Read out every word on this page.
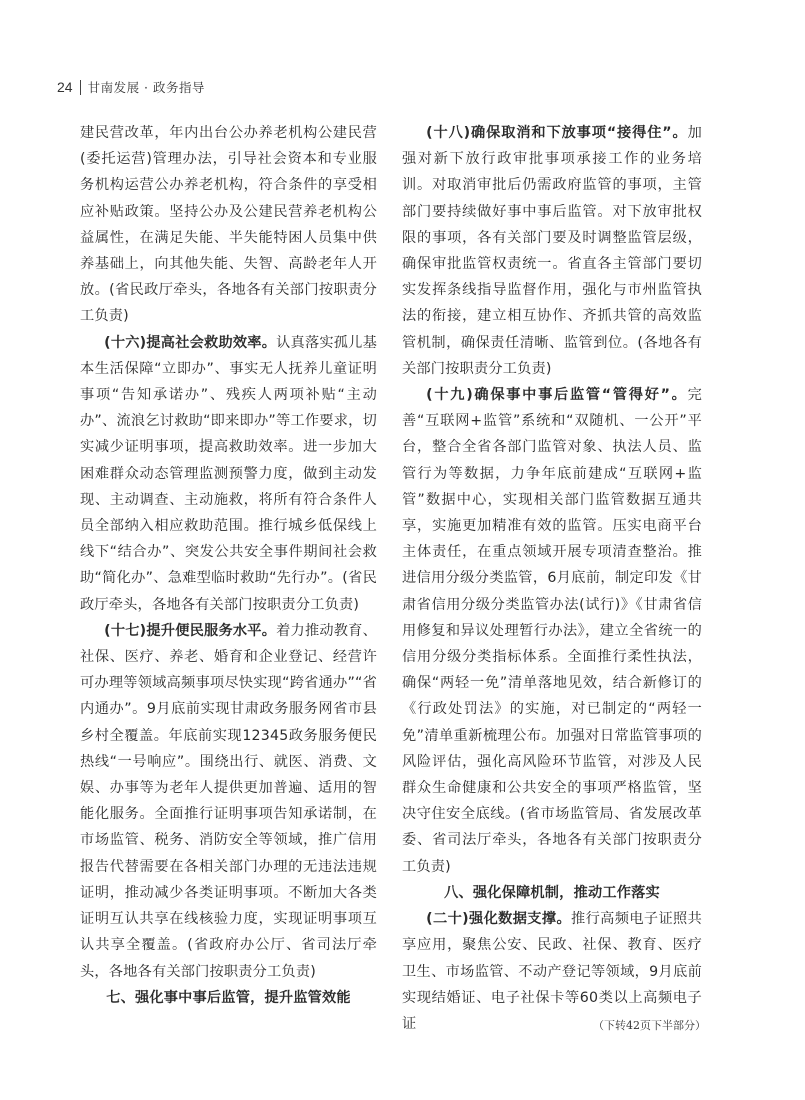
24 甘南发展 · 政务指导

建民营改革，年内出台公办养老机构公建民营(委托运营)管理办法，引导社会资本和专业服务机构运营公办养老机构，符合条件的享受相应补贴政策。坚持公办及公建民营养老机构公益属性，在满足失能、半失能特困人员集中供养基础上，向其他失能、失智、高龄老年人开放。(省民政厅牵头，各地各有关部门按职责分工负责)

(十六)提高社会救助效率。认真落实孤儿基本生活保障“立即办”、事实无人抚养儿童证明事项“告知承诺办”、残疾人两项补贴“主动办”、流浪乞讨救助“即来即办”等工作要求，切实减少证明事项，提高救助效率。进一步加大困难群众动态管理监测预警力度，做到主动发现、主动调查、主动施救，将所有符合条件人员全部纳入相应救助范围。推行城乡低保线上线下“结合办”、突发公共安全事件期间社会救助“简化办”、急难型临时救助“先行办”。(省民政厅牵头，各地各有关部门按职责分工负责)

(十七)提升便民服务水平。着力推动教育、社保、医疗、养老、婚育和企业登记、经营许可办理等领域高频事项尽快实现“跨省通办”“省内通办”。9月底前实现甘肃政务服务网省市县乡村全覆盖。年底前实现12345政务服务便民热线“一号响应”。围绕出行、就医、消费、文娱、办事等为老年人提供更加普遍、适用的智能化服务。全面推行证明事项告知承诺制，在市场监管、税务、消防安全等领域，推广信用报告代替需要在各相关部门办理的无违法违规证明，推动减少各类证明事项。不断加大各类证明互认共享在线核验力度，实现证明事项互认共享全覆盖。(省政府办公厅、省司法厅牵头，各地各有关部门按职责分工负责)

七、强化事中事后监管，提升监管效能

(十八)确保取消和下放事项“接得住”。加强对新下放行政审批事项承接工作的业务培训。对取消审批后仍需政府监管的事项，主管部门要持续做好事中事后监管。对下放审批权限的事项，各有关部门要及时调整监管层级，确保审批监管权责统一。省直各主管部门要切实发挥条线指导监督作用，强化与市州监管执法的衔接，建立相互协作、齐抓共管的高效监管机制，确保责任清晰、监管到位。(各地各有关部门按职责分工负责)

(十九)确保事中事后监管“管得好”。完善“互联网+监管”系统和“双随机、一公开”平台，整合全省各部门监管对象、执法人员、监管行为等数据，力争年底前建成“互联网+监管”数据中心，实现相关部门监管数据互通共享，实施更加精准有效的监管。压实电商平台主体责任，在重点领域开展专项清查整治。推进信用分级分类监管，6月底前，制定印发《甘肃省信用分级分类监管办法(试行)》《甘肃省信用修复和异议处理暂行办法》，建立全省统一的信用分级分类指标体系。全面推行柔性执法，确保“两轻一免”清单落地见效，结合新修订的《行政处罚法》的实施，对已制定的“两轻一免”清单重新梳理公布。加强对日常监管事项的风险评估，强化高风险环节监管，对涉及人民群众生命健康和公共安全的事项严格监管，坚决守住安全底线。(省市场监管局、省发展改革委、省司法厅牵头，各地各有关部门按职责分工负责)

八、强化保障机制，推动工作落实

(二十)强化数据支撑。推行高频电子证照共享应用，聚焦公安、民政、社保、教育、医疗卫生、市场监管、不动产登记等领域，9月底前实现结婚证、电子社保卡等60类以上高频电子证	（下转42页下半部分）
